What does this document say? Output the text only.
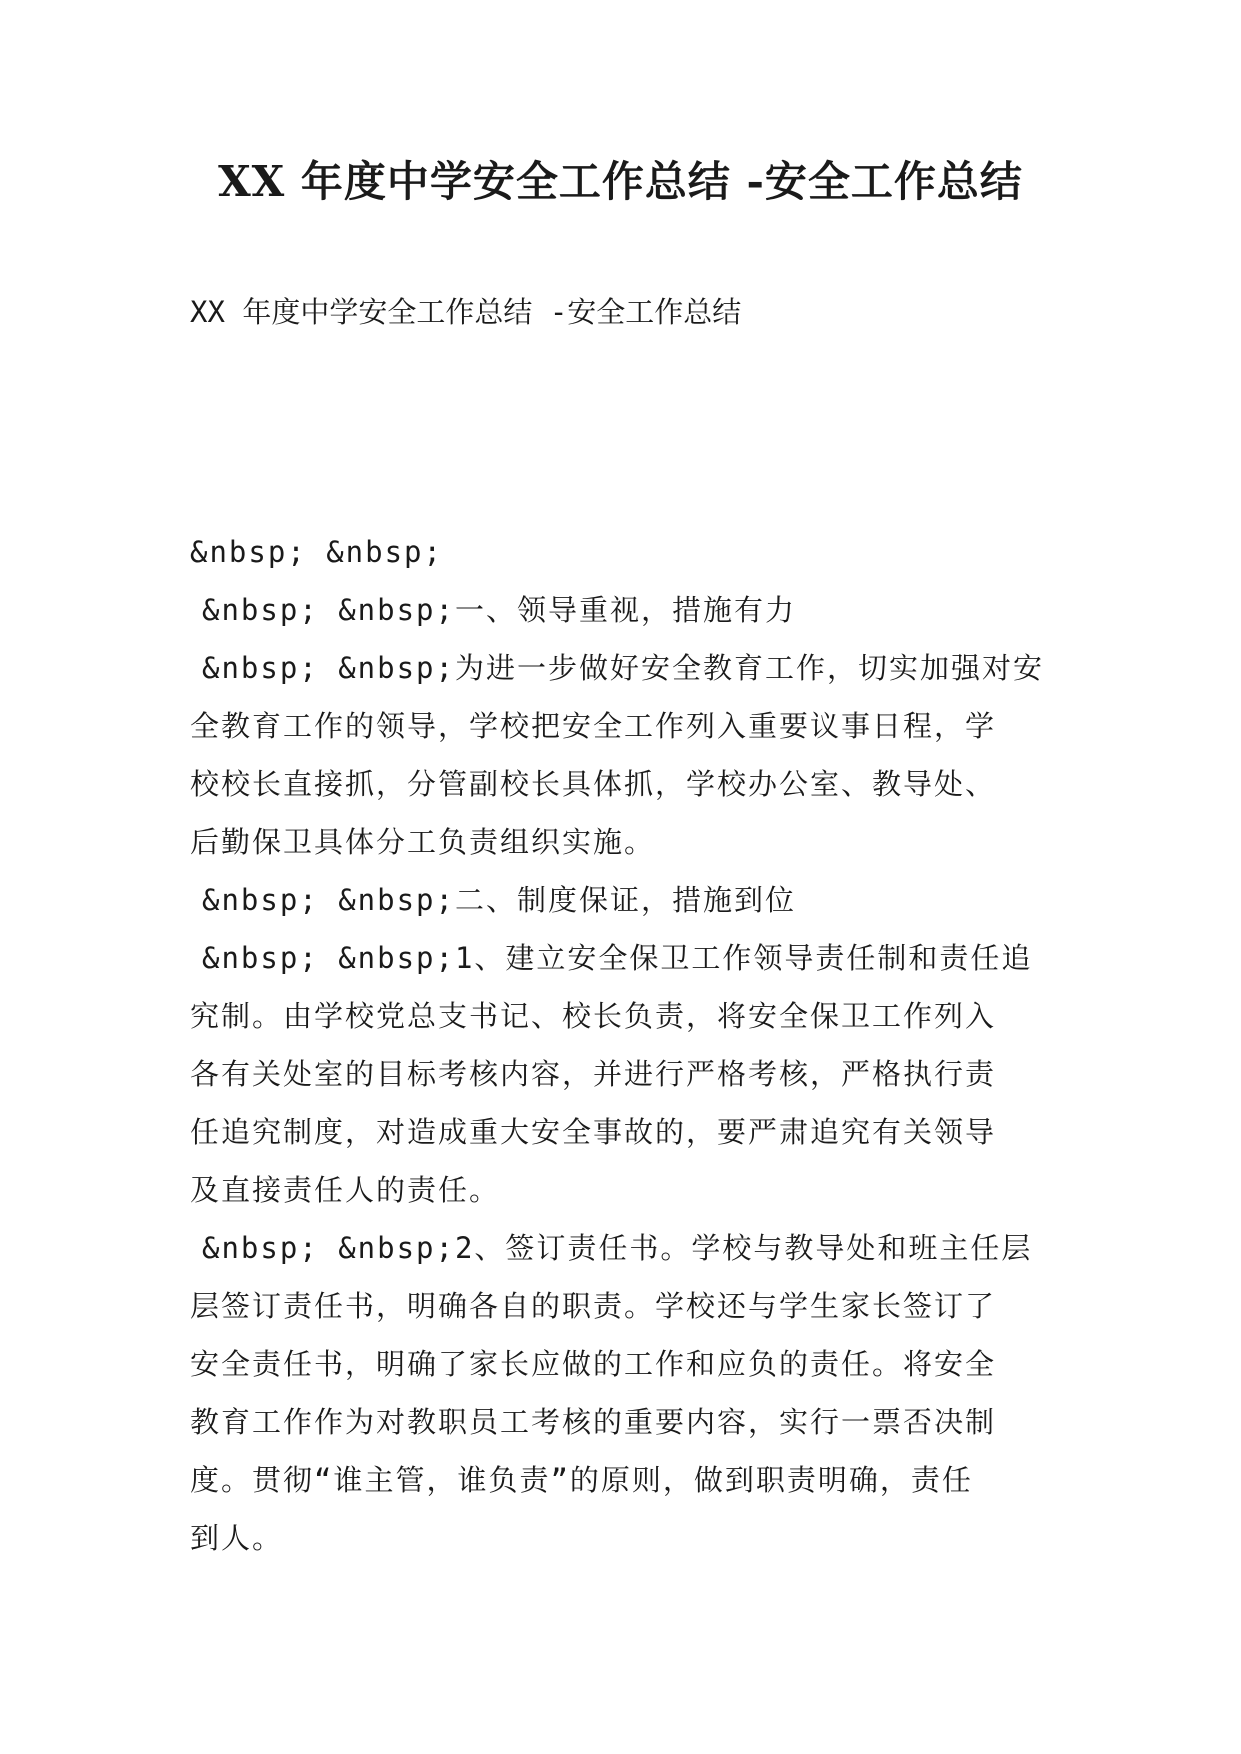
XX 年度中学安全工作总结 -安全工作总结

XX 年度中学安全工作总结 -安全工作总结

&nbsp; &nbsp;
&nbsp; &nbsp;一、领导重视，措施有力
&nbsp; &nbsp;为进一步做好安全教育工作，切实加强对安
全教育工作的领导，学校把安全工作列入重要议事日程，学
校校长直接抓，分管副校长具体抓，学校办公室、教导处、
后勤保卫具体分工负责组织实施。
&nbsp; &nbsp;二、制度保证，措施到位
&nbsp; &nbsp;1、建立安全保卫工作领导责任制和责任追
究制。由学校党总支书记、校长负责，将安全保卫工作列入
各有关处室的目标考核内容，并进行严格考核，严格执行责
任追究制度，对造成重大安全事故的，要严肃追究有关领导
及直接责任人的责任。
&nbsp; &nbsp;2、签订责任书。学校与教导处和班主任层
层签订责任书，明确各自的职责。学校还与学生家长签订了
安全责任书，明确了家长应做的工作和应负的责任。将安全
教育工作作为对教职员工考核的重要内容，实行一票否决制
度。贯彻“谁主管，谁负责”的原则，做到职责明确，责任
到人。
